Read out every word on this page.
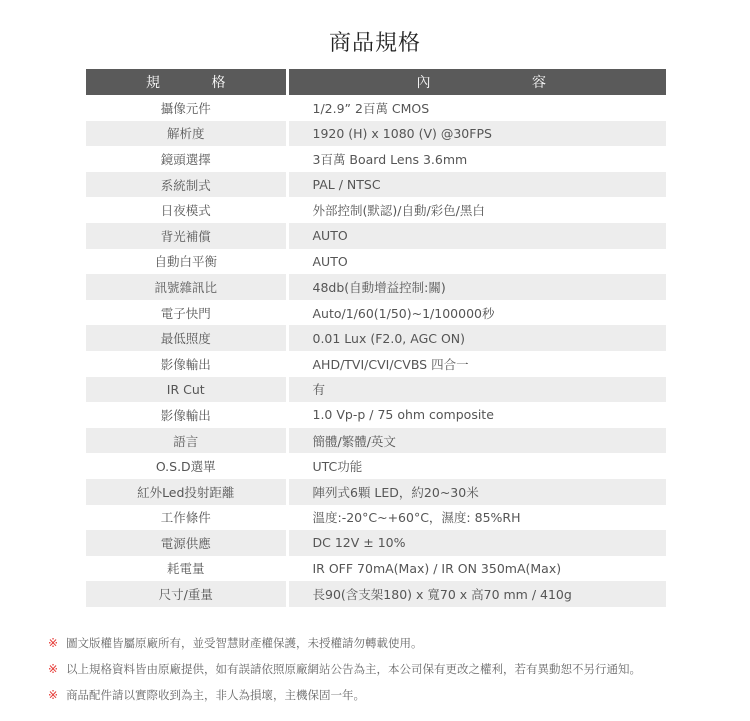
商品規格
規 格	內 容

攝像元件	1/2.9” 2百萬 CMOS
解析度	1920 (H) x 1080 (V) @30FPS
鏡頭選擇	3百萬 Board Lens 3.6mm
系統制式	PAL / NTSC
日夜模式	外部控制(默認)/自動/彩色/黑白
背光補償	AUTO
自動白平衡	AUTO
訊號雜訊比	48db(自動增益控制:關)
電子快門	Auto/1/60(1/50)~1/100000秒
最低照度	0.01 Lux (F2.0, AGC ON)
影像輸出	AHD/TVI/CVI/CVBS 四合一
IR Cut	有
影像輸出	1.0 Vp-p / 75 ohm composite
語言	簡體/繁體/英文
O.S.D選單	UTC功能
紅外Led投射距離	陣列式6顆 LED，約20~30米
工作條件	溫度:-20°C~+60°C，濕度: 85%RH
電源供應	DC 12V ± 10%
耗電量	IR OFF 70mA(Max) / IR ON 350mA(Max)
尺寸/重量	長90(含支架180) x 寬70 x 高70 mm / 410g
※ 圖文版權皆屬原廠所有，並受智慧財產權保護，未授權請勿轉載使用。
※ 以上規格資料皆由原廠提供，如有誤請依照原廠網站公告為主，本公司保有更改之權利，若有異動恕不另行通知。
※ 商品配件請以實際收到為主，非人為損壞，主機保固一年。
